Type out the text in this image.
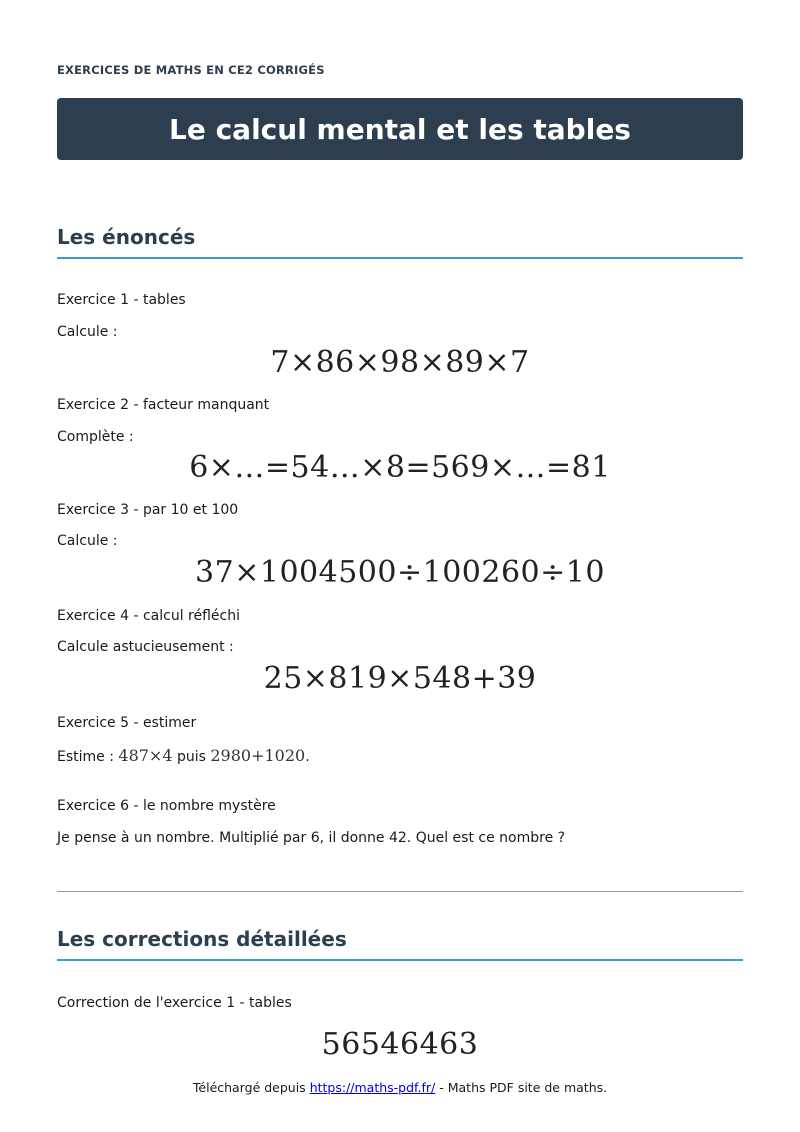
EXERCICES DE MATHS EN CE2 CORRIGÉS
Le calcul mental et les tables
Les énoncés
Exercice 1 - tables
Calcule :
7×86×98×89×7
Exercice 2 - facteur manquant
Complète :
6×…=54…×8=569×…=81
Exercice 3 - par 10 et 100
Calcule :
37×1004500÷100260÷10
Exercice 4 - calcul réfléchi
Calcule astucieusement :
25×819×548+39
Exercice 5 - estimer
Estime : 487×4 puis 2980+1020.
Exercice 6 - le nombre mystère
Je pense à un nombre. Multiplié par 6, il donne 42. Quel est ce nombre ?
Les corrections détaillées
Correction de l'exercice 1 - tables
56546463
Téléchargé depuis https://maths-pdf.fr/ - Maths PDF site de maths.
